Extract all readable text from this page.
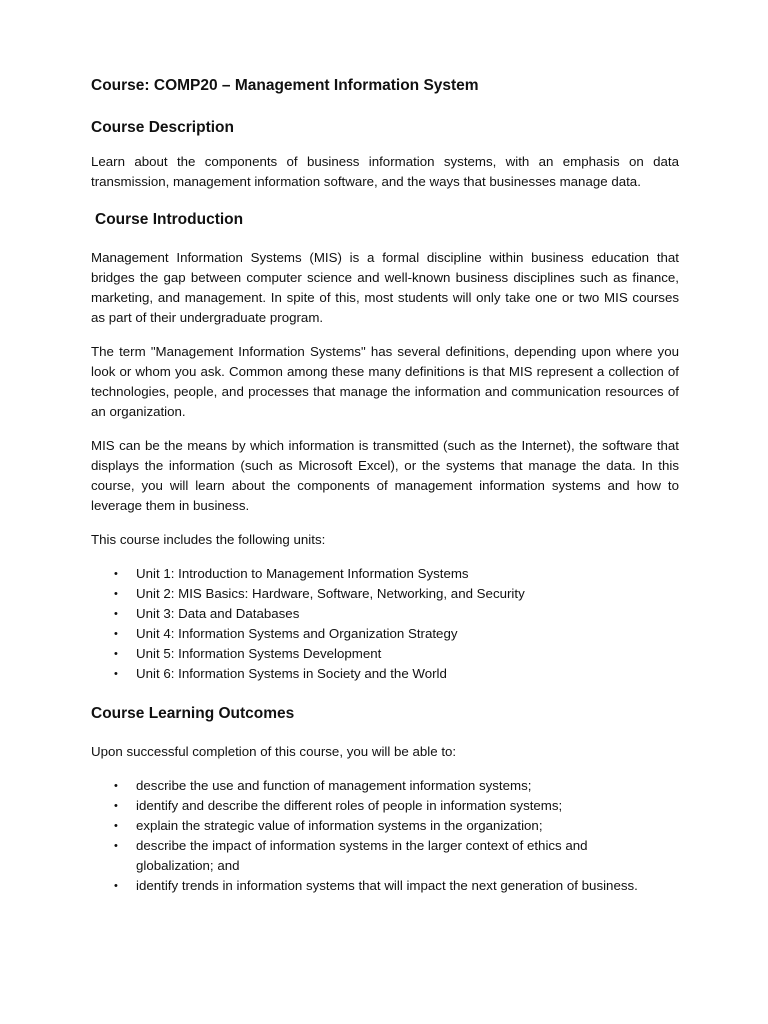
Course: COMP20 – Management Information System
Course Description

Learn about the components of business information systems, with an emphasis on data transmission, management information software, and the ways that businesses manage data.

Course Introduction

Management Information Systems (MIS) is a formal discipline within business education that bridges the gap between computer science and well-known business disciplines such as finance, marketing, and management. In spite of this, most students will only take one or two MIS courses as part of their undergraduate program.

The term "Management Information Systems" has several definitions, depending upon where you look or whom you ask. Common among these many definitions is that MIS represent a collection of technologies, people, and processes that manage the information and communication resources of an organization.

MIS can be the means by which information is transmitted (such as the Internet), the software that displays the information (such as Microsoft Excel), or the systems that manage the data. In this course, you will learn about the components of management information systems and how to leverage them in business.

This course includes the following units:

• Unit 1: Introduction to Management Information Systems
• Unit 2: MIS Basics: Hardware, Software, Networking, and Security
• Unit 3: Data and Databases
• Unit 4: Information Systems and Organization Strategy
• Unit 5: Information Systems Development
• Unit 6: Information Systems in Society and the World
Course Learning Outcomes

Upon successful completion of this course, you will be able to:

• describe the use and function of management information systems;
• identify and describe the different roles of people in information systems;
• explain the strategic value of information systems in the organization;
• describe the impact of information systems in the larger context of ethics and globalization; and
• identify trends in information systems that will impact the next generation of business.
